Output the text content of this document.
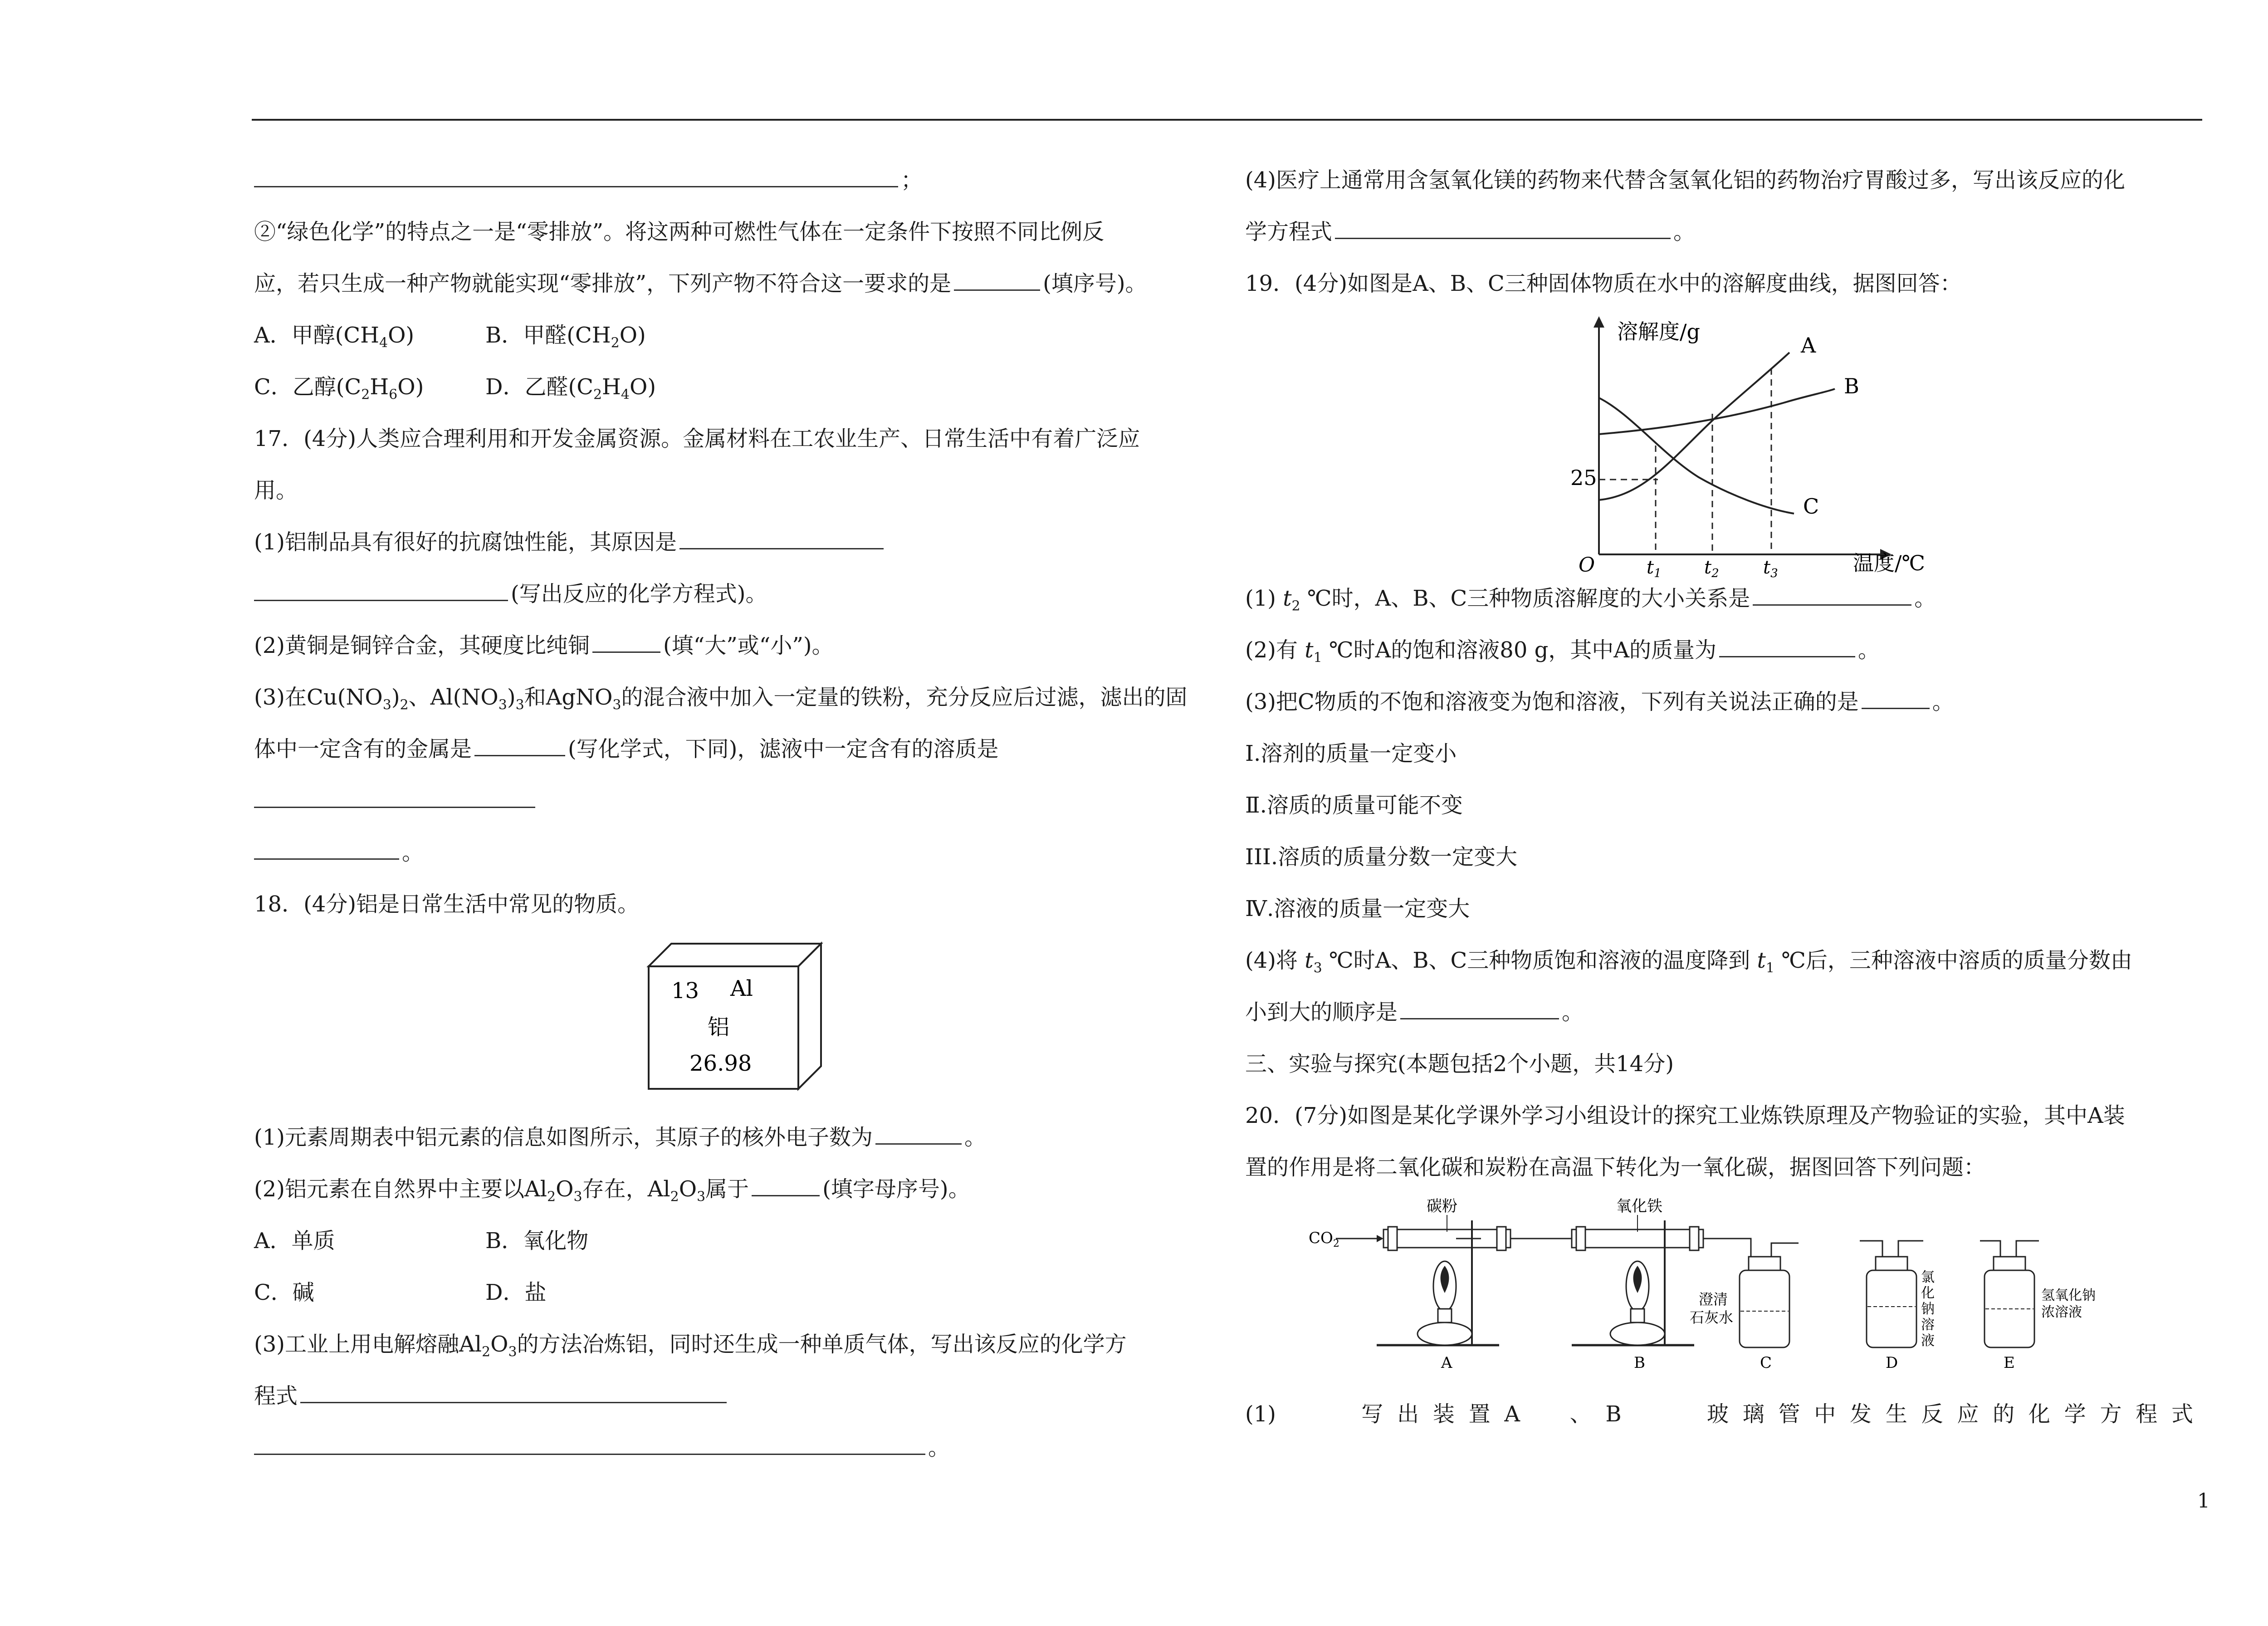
；
②“绿色化学”的特点之一是“零排放”。将这两种可燃性气体在一定条件下按照不同比例反
应，若只生成一种产物就能实现“零排放”，下列产物不符合这一要求的是	(填序号)。
A．甲醇$(CH_4O)$	B．甲醛$(CH_2O)$
C．乙醇$(C_2H_6O)$	D．乙醛$(C_2H_4O)$
17．(4分)人类应合理利用和开发金属资源。金属材料在工农业生产、日常生活中有着广泛应
用。
(1)铝制品具有很好的抗腐蚀性能，其原因是
(写出反应的化学方程式)。
(2)黄铜是铜锌合金，其硬度比纯铜	(填“大”或“小”)。
(3)在$Cu(NO_3)_2$、$Al(NO_3)_3$和AgNO$_3$的混合液中加入一定量的铁粉，充分反应后过滤，滤出的固
体中一定含有的金属是	(写化学式，下同)，滤液中一定含有的溶质是
。
18．(4分)铝是日常生活中常见的物质。
13 Al
铝
26.98
(1)元素周期表中铝元素的信息如图所示，其原子的核外电子数为	。
(2)铝元素在自然界中主要以$Al_2O_3$存在，$Al_2O_3$属于	(填字母序号)。
A．单质	B．氧化物
C．碱	D．盐
(3)工业上用电解熔融$Al_2O_3$的方法冶炼铝，同时还生成一种单质气体，写出该反应的化学方
程式
。
(4)医疗上通常用含氢氧化镁的药物来代替含氢氧化铝的药物治疗胃酸过多，写出该反应的化
学方程式	。
19．(4分)如图是A、B、C三种固体物质在水中的溶解度曲线，据图回答：
溶解度/g
温度/℃
O
25
A
B
C
$t_1$ $t_2$ $t_3$
(1) $t_2$ ℃时，A、B、C三种物质溶解度的大小关系是	。
(2)有 $t_1$ ℃时A的饱和溶液80 g，其中A的质量为	。
(3)把C物质的不饱和溶液变为饱和溶液，下列有关说法正确的是	。
Ⅰ.溶剂的质量一定变小
Ⅱ.溶质的质量可能不变
III.溶质的质量分数一定变大
Ⅳ.溶液的质量一定变大
(4)将 $t_3$ ℃时A、B、C三种物质饱和溶液的温度降到 $t_1$ ℃后，三种溶液中溶质的质量分数由
小到大的顺序是	。
三、实验与探究(本题包括2个小题，共14分)
20．(7分)如图是某化学课外学习小组设计的探究工业炼铁原理及产物验证的实验，其中A装
置的作用是将二氧化碳和炭粉在高温下转化为一氧化碳，据图回答下列问题：
$CO_2$
碳粉
A
氧化铁
B
澄清
石灰水
C
氯
化
钠
溶
液
D
氢氧化钠
浓溶液
E
(1)　　写出装置A　、B　　玻璃管中发生反应的化学方程式
1
